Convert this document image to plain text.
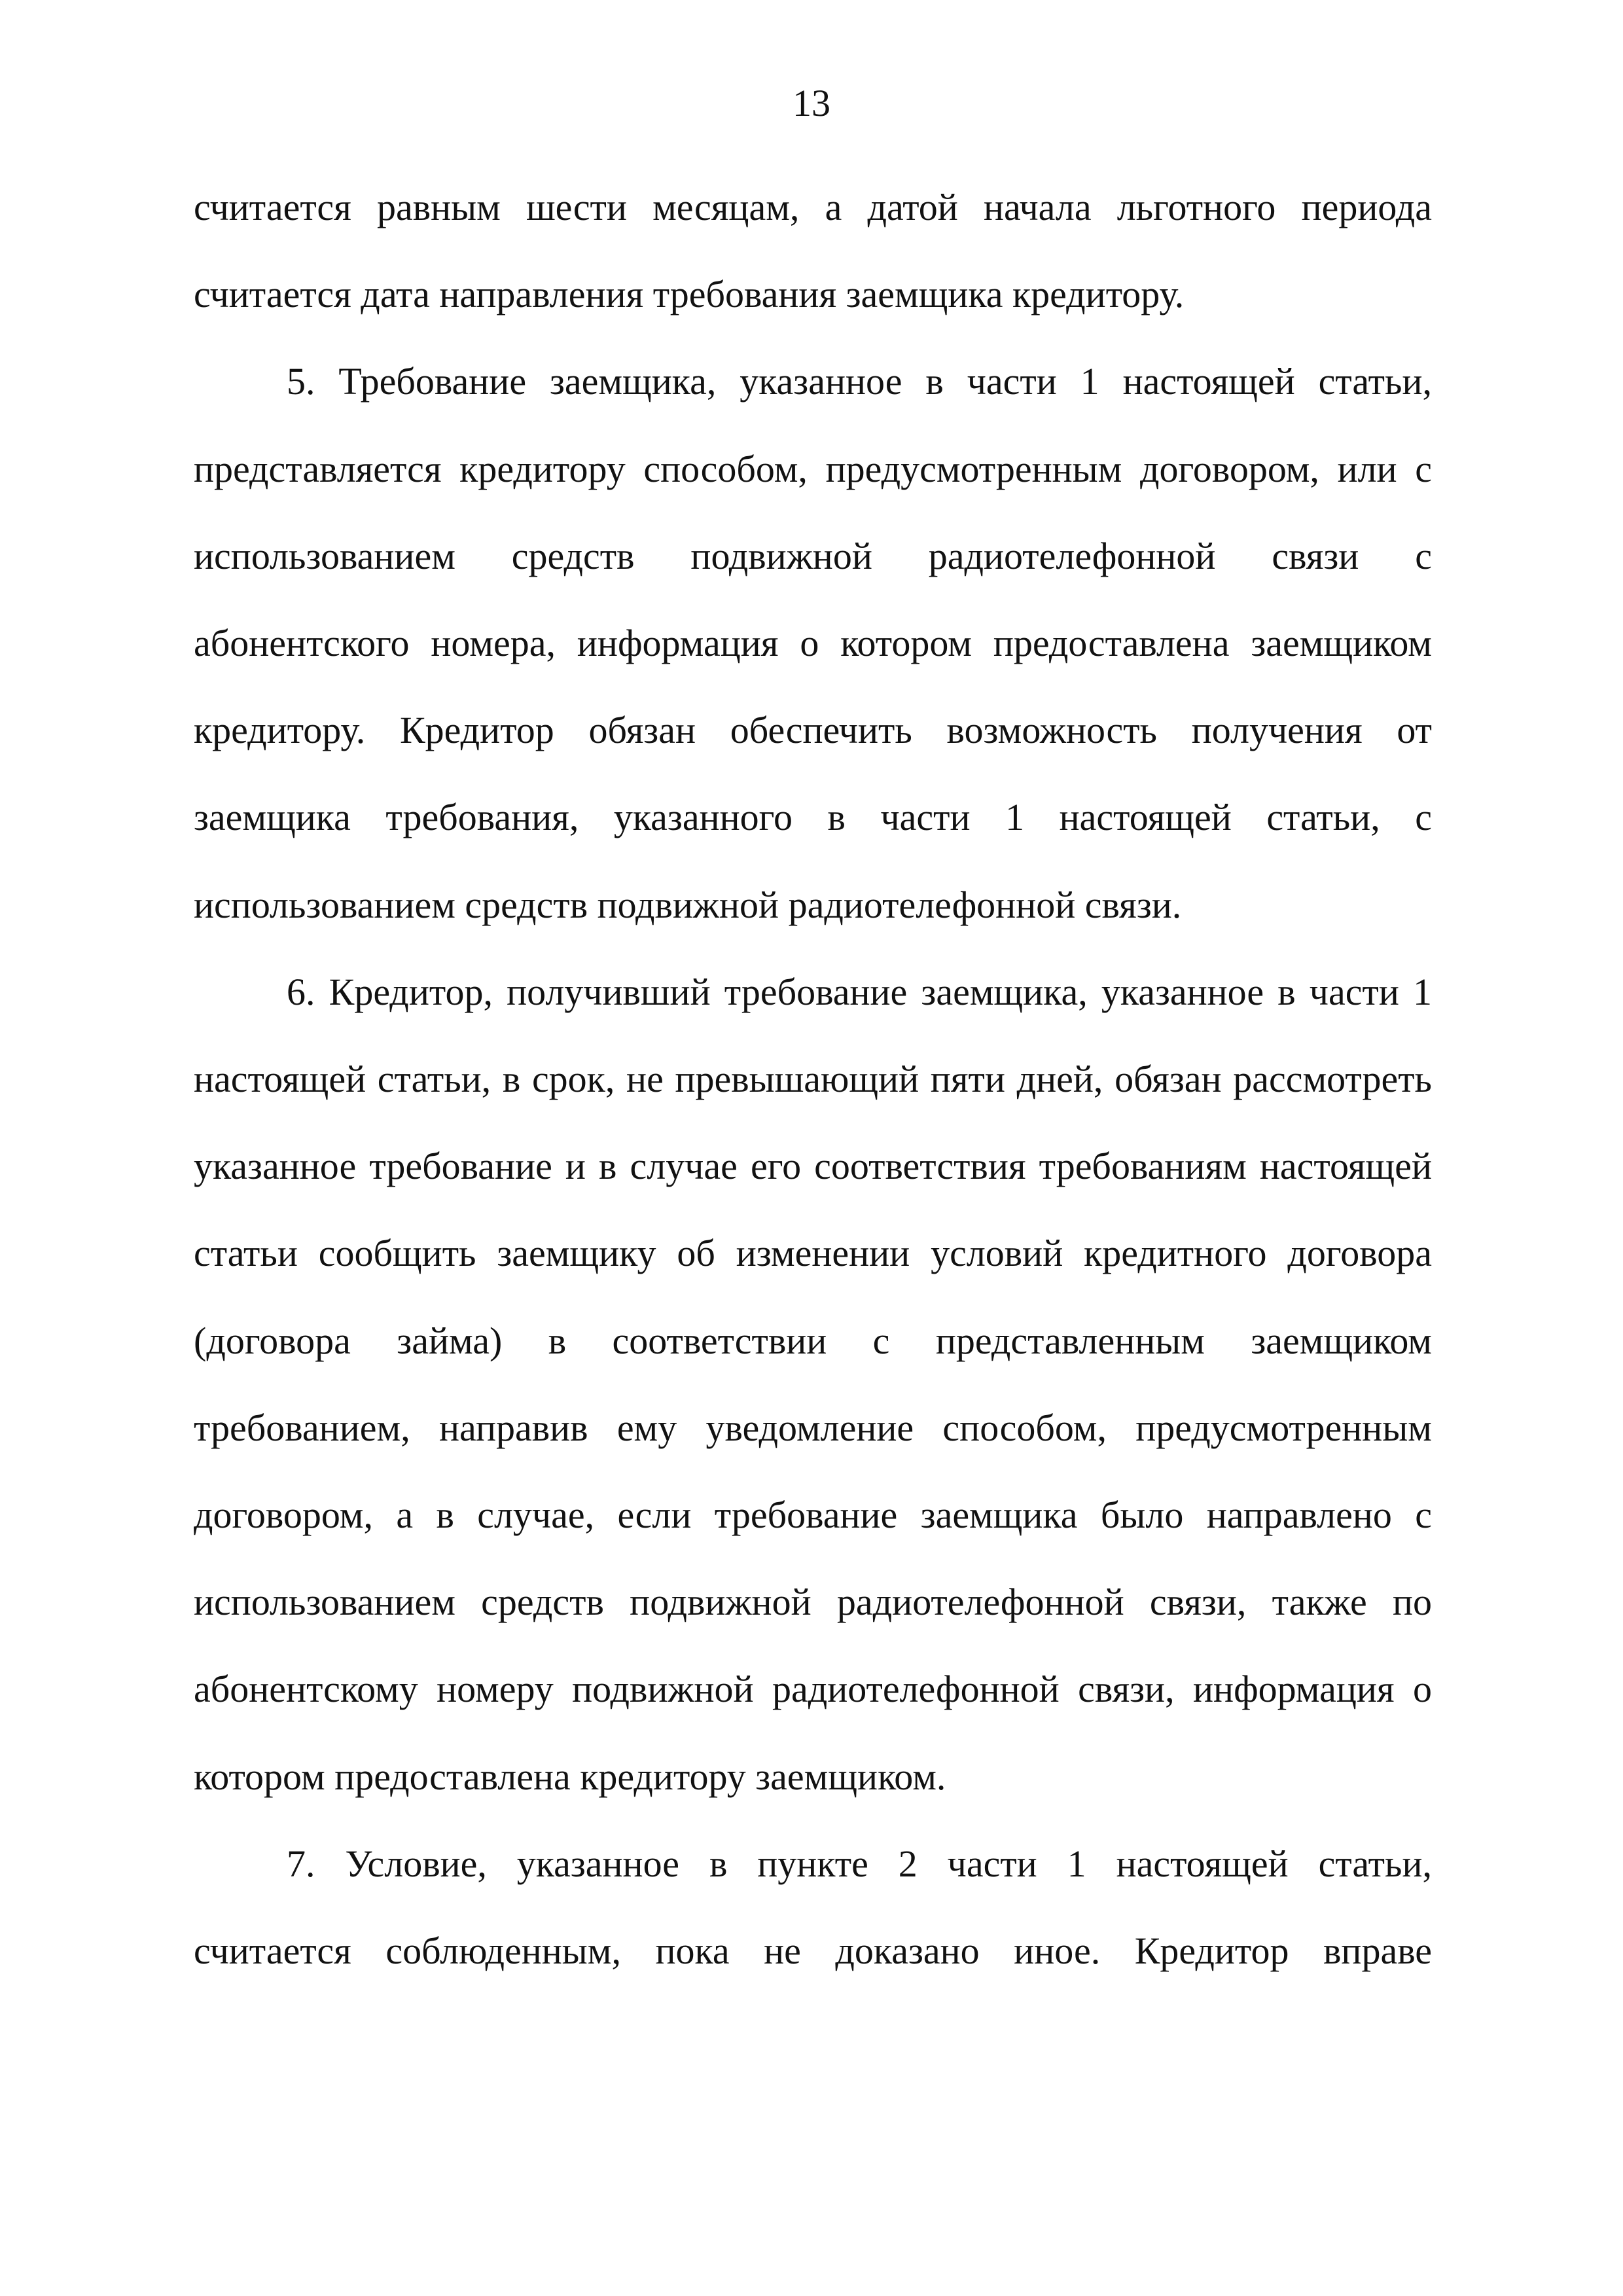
13
считается равным шести месяцам, а датой начала льготного периода
считается дата направления требования заемщика кредитору.
5. Требование заемщика, указанное в части 1 настоящей статьи,
представляется кредитору способом, предусмотренным договором, или с
использованием средств подвижной радиотелефонной связи с
абонентского номера, информация о котором предоставлена заемщиком
кредитору. Кредитор обязан обеспечить возможность получения от
заемщика требования, указанного в части 1 настоящей статьи, с
использованием средств подвижной радиотелефонной связи.
6. Кредитор, получивший требование заемщика, указанное в части 1
настоящей статьи, в срок, не превышающий пяти дней, обязан рассмотреть
указанное требование и в случае его соответствия требованиям настоящей
статьи сообщить заемщику об изменении условий кредитного договора
(договора займа) в соответствии с представленным заемщиком
требованием, направив ему уведомление способом, предусмотренным
договором, а в случае, если требование заемщика было направлено с
использованием средств подвижной радиотелефонной связи, также по
абонентскому номеру подвижной радиотелефонной связи, информация о
котором предоставлена кредитору заемщиком.
7. Условие, указанное в пункте 2 части 1 настоящей статьи,
считается соблюденным, пока не доказано иное. Кредитор вправе
